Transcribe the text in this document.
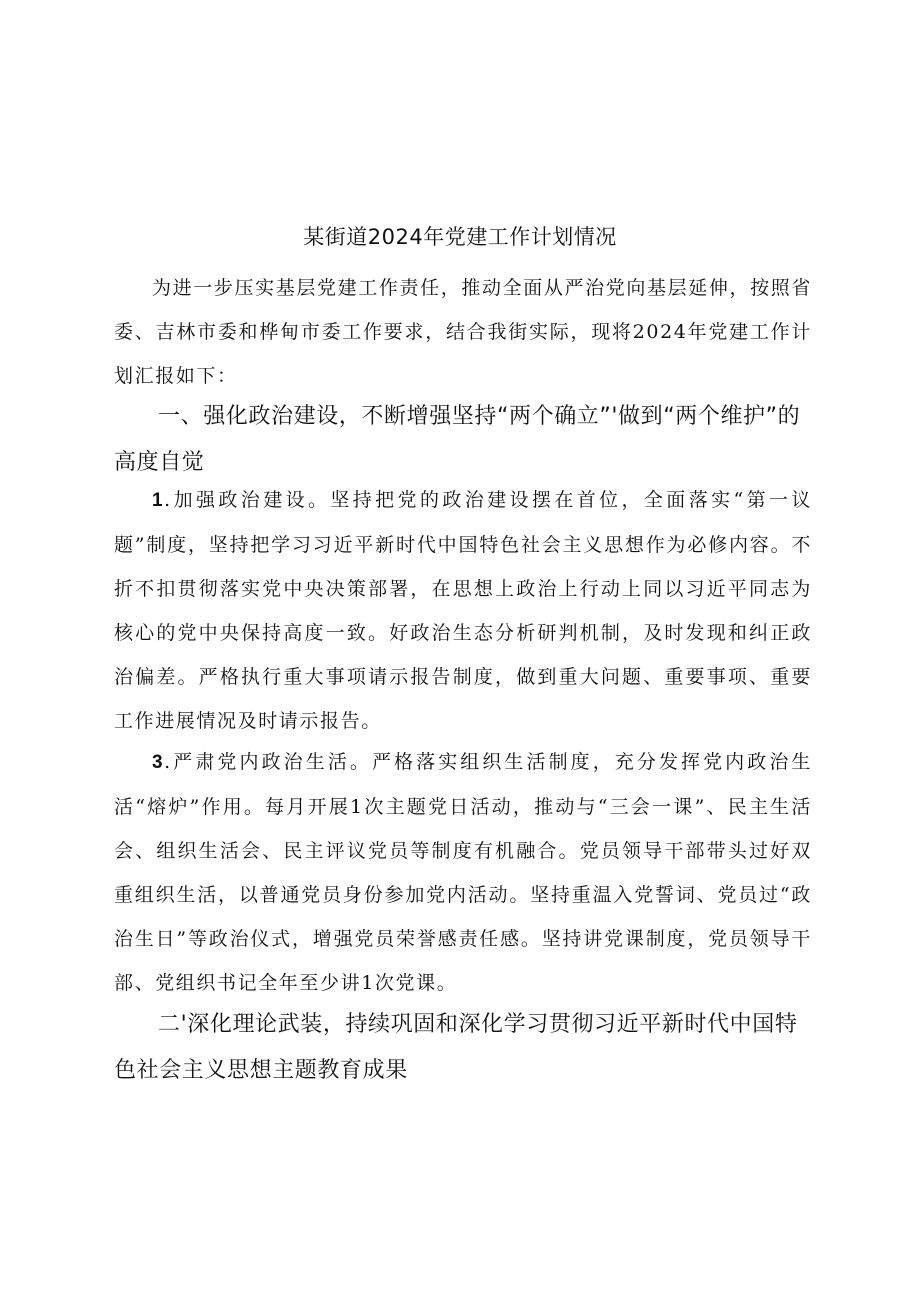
某街道2024年党建工作计划情况

为进一步压实基层党建工作责任，推动全面从严治党向基层延伸，按照省委、吉林市委和桦甸市委工作要求，结合我街实际，现将2024年党建工作计划汇报如下：

一、强化政治建设，不断增强坚持“两个确立”'做到“两个维护”的高度自觉

1.加强政治建设。坚持把党的政治建设摆在首位，全面落实“第一议题”制度，坚持把学习习近平新时代中国特色社会主义思想作为必修内容。不折不扣贯彻落实党中央决策部署，在思想上政治上行动上同以习近平同志为核心的党中央保持高度一致。好政治生态分析研判机制，及时发现和纠正政治偏差。严格执行重大事项请示报告制度，做到重大问题、重要事项、重要工作进展情况及时请示报告。

3.严肃党内政治生活。严格落实组织生活制度，充分发挥党内政治生活“熔炉”作用。每月开展1次主题党日活动，推动与“三会一课”、民主生活会、组织生活会、民主评议党员等制度有机融合。党员领导干部带头过好双重组织生活，以普通党员身份参加党内活动。坚持重温入党誓词、党员过“政治生日”等政治仪式，增强党员荣誉感责任感。坚持讲党课制度，党员领导干部、党组织书记全年至少讲1次党课。

二'深化理论武装，持续巩固和深化学习贯彻习近平新时代中国特色社会主义思想主题教育成果
